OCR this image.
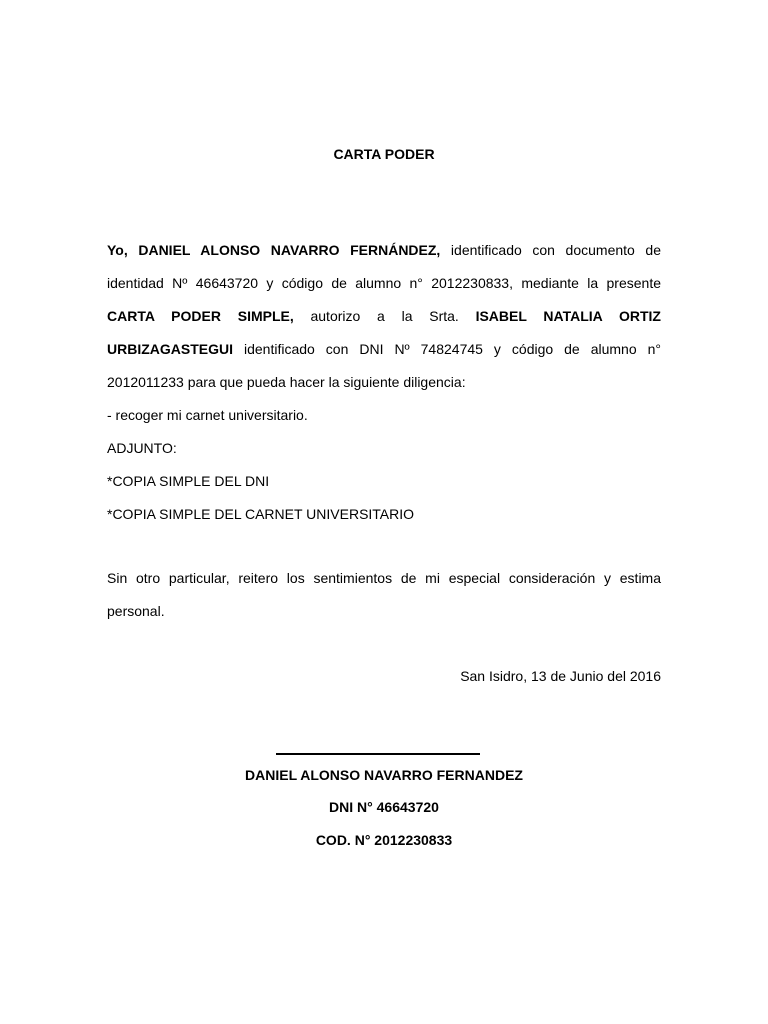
CARTA PODER

Yo, DANIEL ALONSO NAVARRO FERNÁNDEZ, identificado con documento de identidad Nº 46643720 y código de alumno n° 2012230833, mediante la presente CARTA PODER SIMPLE, autorizo a la Srta. ISABEL NATALIA ORTIZ URBIZAGASTEGUI identificado con DNI Nº 74824745 y código de alumno n° 2012011233 para que pueda hacer la siguiente diligencia:

- recoger mi carnet universitario.

ADJUNTO:

*COPIA SIMPLE DEL DNI

*COPIA SIMPLE DEL CARNET UNIVERSITARIO

Sin otro particular, reitero los sentimientos de mi especial consideración y estima personal.

San Isidro, 13 de Junio del 2016
DANIEL ALONSO NAVARRO FERNANDEZ
DNI N° 46643720
COD. N° 2012230833
